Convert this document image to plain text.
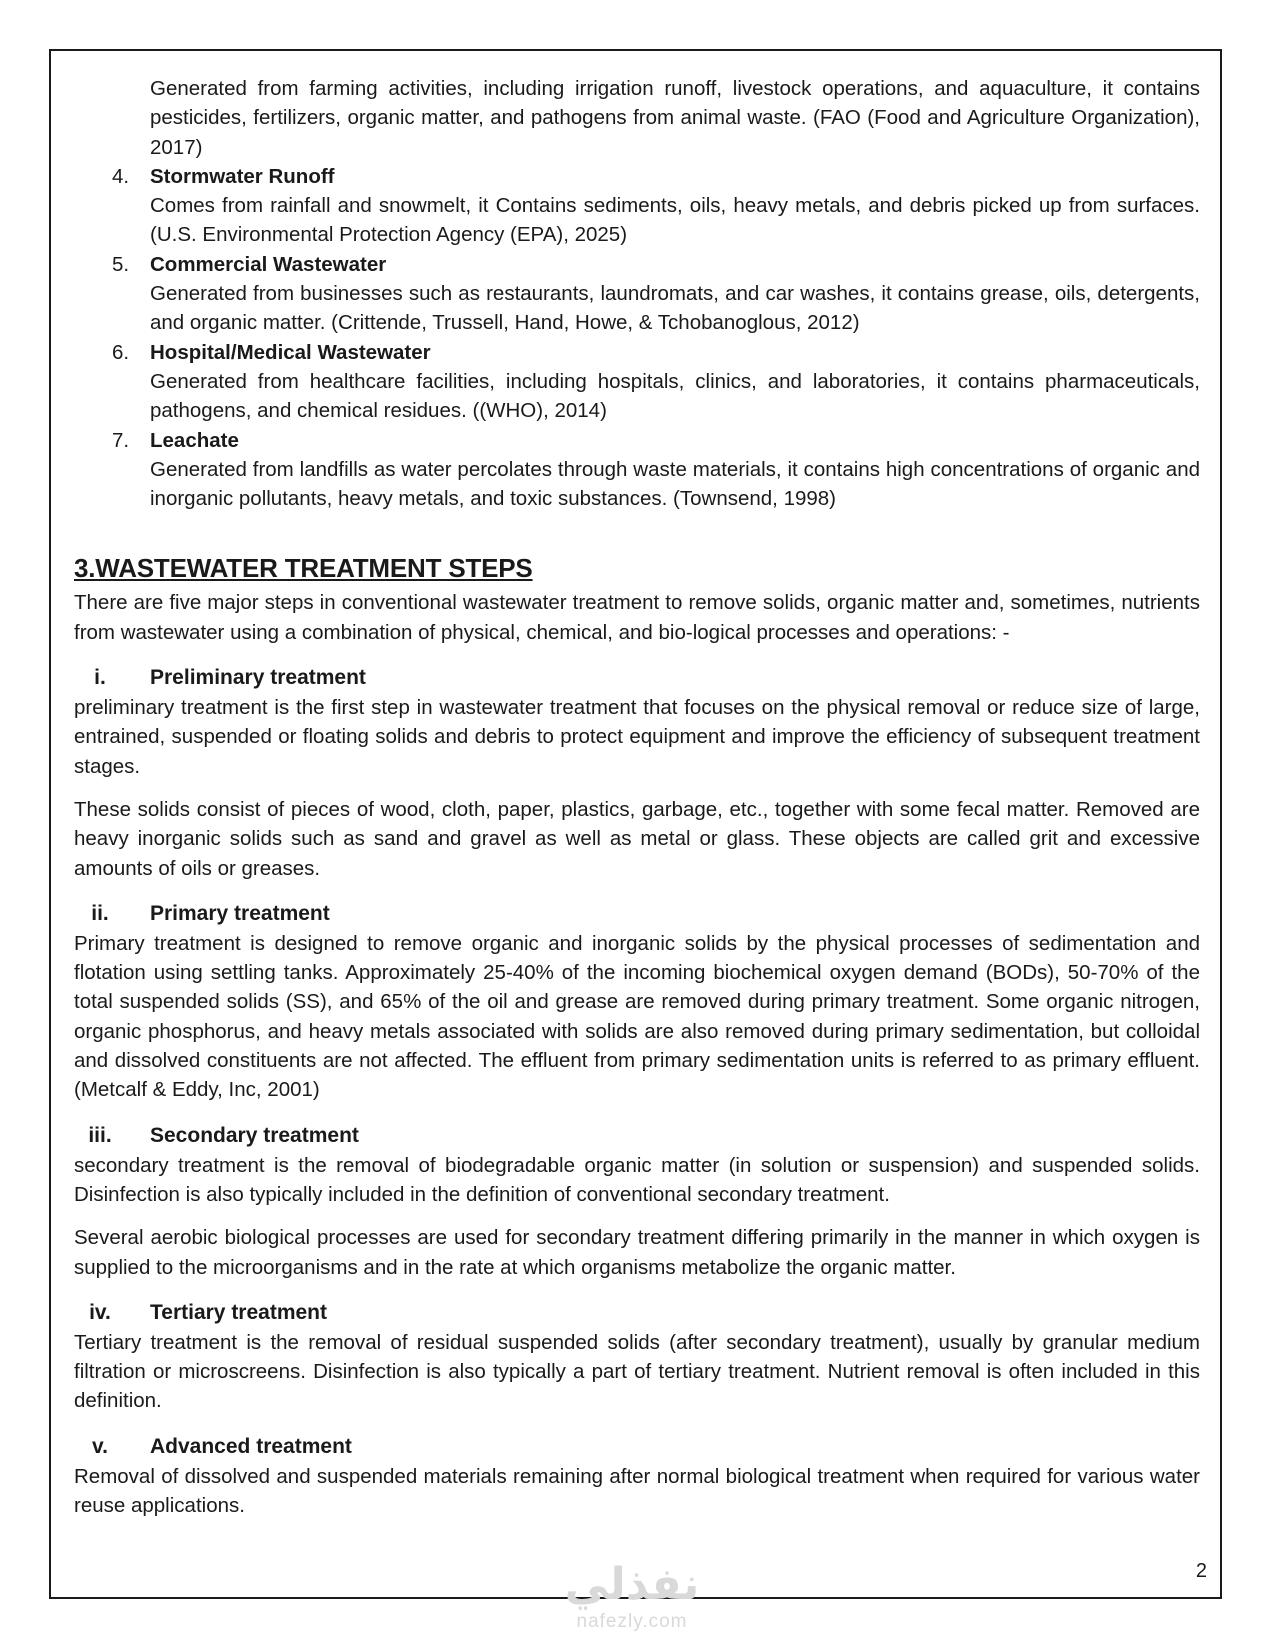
Generated from farming activities, including irrigation runoff, livestock operations, and aquaculture, it contains pesticides, fertilizers, organic matter, and pathogens from animal waste. (FAO (Food and Agriculture Organization), 2017)

4.	Stormwater Runoff

Comes from rainfall and snowmelt, it Contains sediments, oils, heavy metals, and debris picked up from surfaces. (U.S. Environmental Protection Agency (EPA), 2025)

5.	Commercial Wastewater

Generated from businesses such as restaurants, laundromats, and car washes, it contains grease, oils, detergents, and organic matter. (Crittende, Trussell, Hand, Howe, & Tchobanoglous, 2012)

6.	Hospital/Medical Wastewater

Generated from healthcare facilities, including hospitals, clinics, and laboratories, it contains pharmaceuticals, pathogens, and chemical residues. ((WHO), 2014)

7.	Leachate

Generated from landfills as water percolates through waste materials, it contains high concentrations of organic and inorganic pollutants, heavy metals, and toxic substances. (Townsend, 1998)

3.WASTEWATER TREATMENT STEPS

There are five major steps in conventional wastewater treatment to remove solids, organic matter and, sometimes, nutrients from wastewater using a combination of physical, chemical, and bio-logical processes and operations: -

i.	Preliminary treatment

preliminary treatment is the first step in wastewater treatment that focuses on the physical removal or reduce size of large, entrained, suspended or floating solids and debris to protect equipment and improve the efficiency of subsequent treatment stages.

These solids consist of pieces of wood, cloth, paper, plastics, garbage, etc., together with some fecal matter. Removed are heavy inorganic solids such as sand and gravel as well as metal or glass. These objects are called grit and excessive amounts of oils or greases.

ii.	Primary treatment

Primary treatment is designed to remove organic and inorganic solids by the physical processes of sedimentation and flotation using settling tanks. Approximately 25-40% of the incoming biochemical oxygen demand (BODs), 50-70% of the total suspended solids (SS), and 65% of the oil and grease are removed during primary treatment. Some organic nitrogen, organic phosphorus, and heavy metals associated with solids are also removed during primary sedimentation, but colloidal and dissolved constituents are not affected. The effluent from primary sedimentation units is referred to as primary effluent. (Metcalf & Eddy, Inc, 2001)

iii.	Secondary treatment

secondary treatment is the removal of biodegradable organic matter (in solution or suspension) and suspended solids. Disinfection is also typically included in the definition of conventional secondary treatment.

Several aerobic biological processes are used for secondary treatment differing primarily in the manner in which oxygen is supplied to the microorganisms and in the rate at which organisms metabolize the organic matter.

iv.	Tertiary treatment

Tertiary treatment is the removal of residual suspended solids (after secondary treatment), usually by granular medium filtration or microscreens. Disinfection is also typically a part of tertiary treatment. Nutrient removal is often included in this definition.

v.	Advanced treatment

Removal of dissolved and suspended materials remaining after normal biological treatment when required for various water reuse applications.

2
نفذلي
nafezly.com
